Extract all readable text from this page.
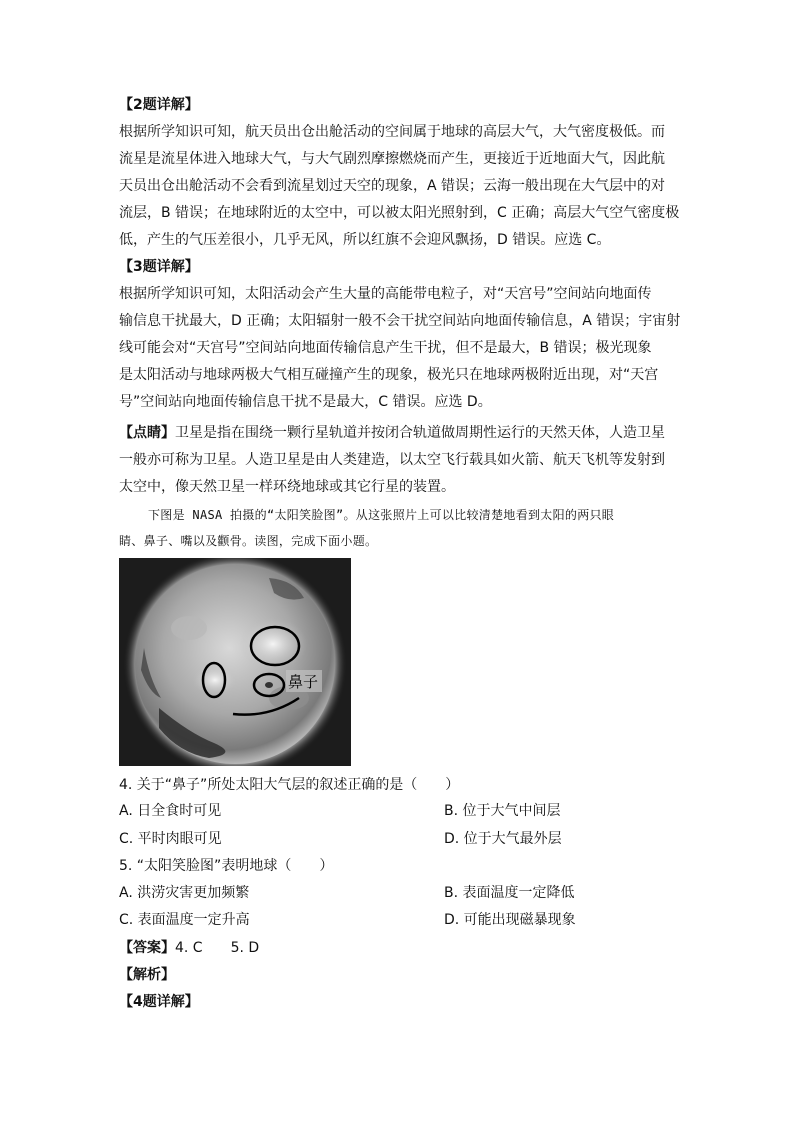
【2题详解】
根据所学知识可知，航天员出仓出舱活动的空间属于地球的高层大气，大气密度极低。而
流星是流星体进入地球大气，与大气剧烈摩擦燃烧而产生，更接近于近地面大气，因此航
天员出仓出舱活动不会看到流星划过天空的现象，A 错误；云海一般出现在大气层中的对
流层，B 错误；在地球附近的太空中，可以被太阳光照射到，C 正确；高层大气空气密度极
低，产生的气压差很小，几乎无风，所以红旗不会迎风飘扬，D 错误。应选 C。
【3题详解】
根据所学知识可知，太阳活动会产生大量的高能带电粒子，对“天宫号”空间站向地面传
输信息干扰最大，D 正确；太阳辐射一般不会干扰空间站向地面传输信息，A 错误；宇宙射
线可能会对“天宫号”空间站向地面传输信息产生干扰，但不是最大，B 错误；极光现象
是太阳活动与地球两极大气相互碰撞产生的现象，极光只在地球两极附近出现，对“天宫
号”空间站向地面传输信息干扰不是最大，C 错误。应选 D。
【点睛】卫星是指在围绕一颗行星轨道并按闭合轨道做周期性运行的天然天体，人造卫星
一般亦可称为卫星。人造卫星是由人类建造，以太空飞行载具如火箭、航天飞机等发射到
太空中，像天然卫星一样环绕地球或其它行星的装置。
下图是 NASA 拍摄的“太阳笑脸图”。从这张照片上可以比较清楚地看到太阳的两只眼
睛、鼻子、嘴以及颧骨。读图，完成下面小题。
鼻子
4. 关于“鼻子”所处太阳大气层的叙述正确的是（　　）
A. 日全食时可见	B. 位于大气中间层
C. 平时肉眼可见	D. 位于大气最外层
5. “太阳笑脸图”表明地球（　　）
A. 洪涝灾害更加频繁	B. 表面温度一定降低
C. 表面温度一定升高	D. 可能出现磁暴现象
【答案】4. C　　5. D
【解析】
【4题详解】
